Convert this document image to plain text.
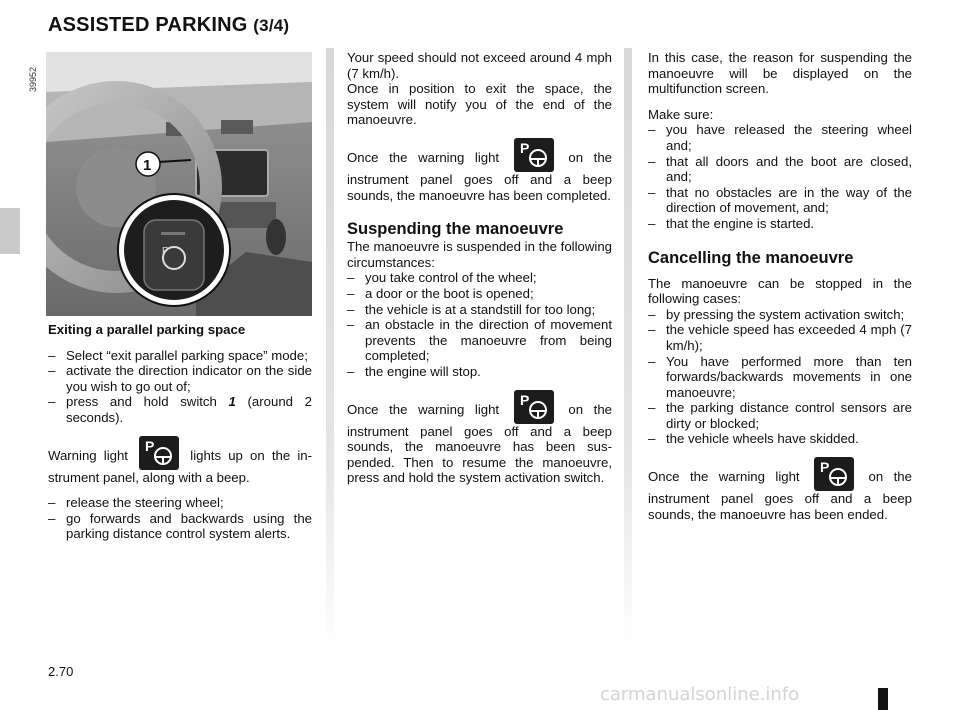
ASSISTED PARKING (3/4)
39952
P
1
Exiting a parallel parking space
– Select “exit parallel parking space” mode;
– activate the direction indicator on the side you wish to go out of;
– press and hold switch 1 (around 2 seconds).

Warning light
P
lights up on the instrument panel, along with a beep.

– release the steering wheel;
– go forwards and backwards using the parking distance control system alerts.

Your speed should not exceed around 4 mph (7 km/h).

Once in position to exit the space, the system will notify you of the end of the manoeuvre.

Once the warning light
P
on the instrument panel goes off and a beep sounds, the manoeuvre has been completed.

Suspending the manoeuvre

The manoeuvre is suspended in the following circumstances:

– you take control of the wheel;
– a door or the boot is opened;
– the vehicle is at a standstill for too long;
– an obstacle in the direction of movement prevents the manoeuvre from being completed;
– the engine will stop.

Once the warning light
P
on the instrument panel goes off and a beep sounds, the manoeuvre has been suspended. Then to resume the manoeuvre, press and hold the system activation switch.

In this case, the reason for suspending the manoeuvre will be displayed on the multifunction screen.

Make sure:

– you have released the steering wheel and;
– that all doors and the boot are closed, and;
– that no obstacles are in the way of the direction of movement, and;
– that the engine is started.
Cancelling the manoeuvre

The manoeuvre can be stopped in the following cases:

– by pressing the system activation switch;
– the vehicle speed has exceeded 4 mph (7 km/h);
– You have performed more than ten forwards/backwards movements in one manoeuvre;
– the parking distance control sensors are dirty or blocked;
– the vehicle wheels have skidded.

Once the warning light
P
on the instrument panel goes off and a beep sounds, the manoeuvre has been ended.

2.70
carmanualsonline.info
